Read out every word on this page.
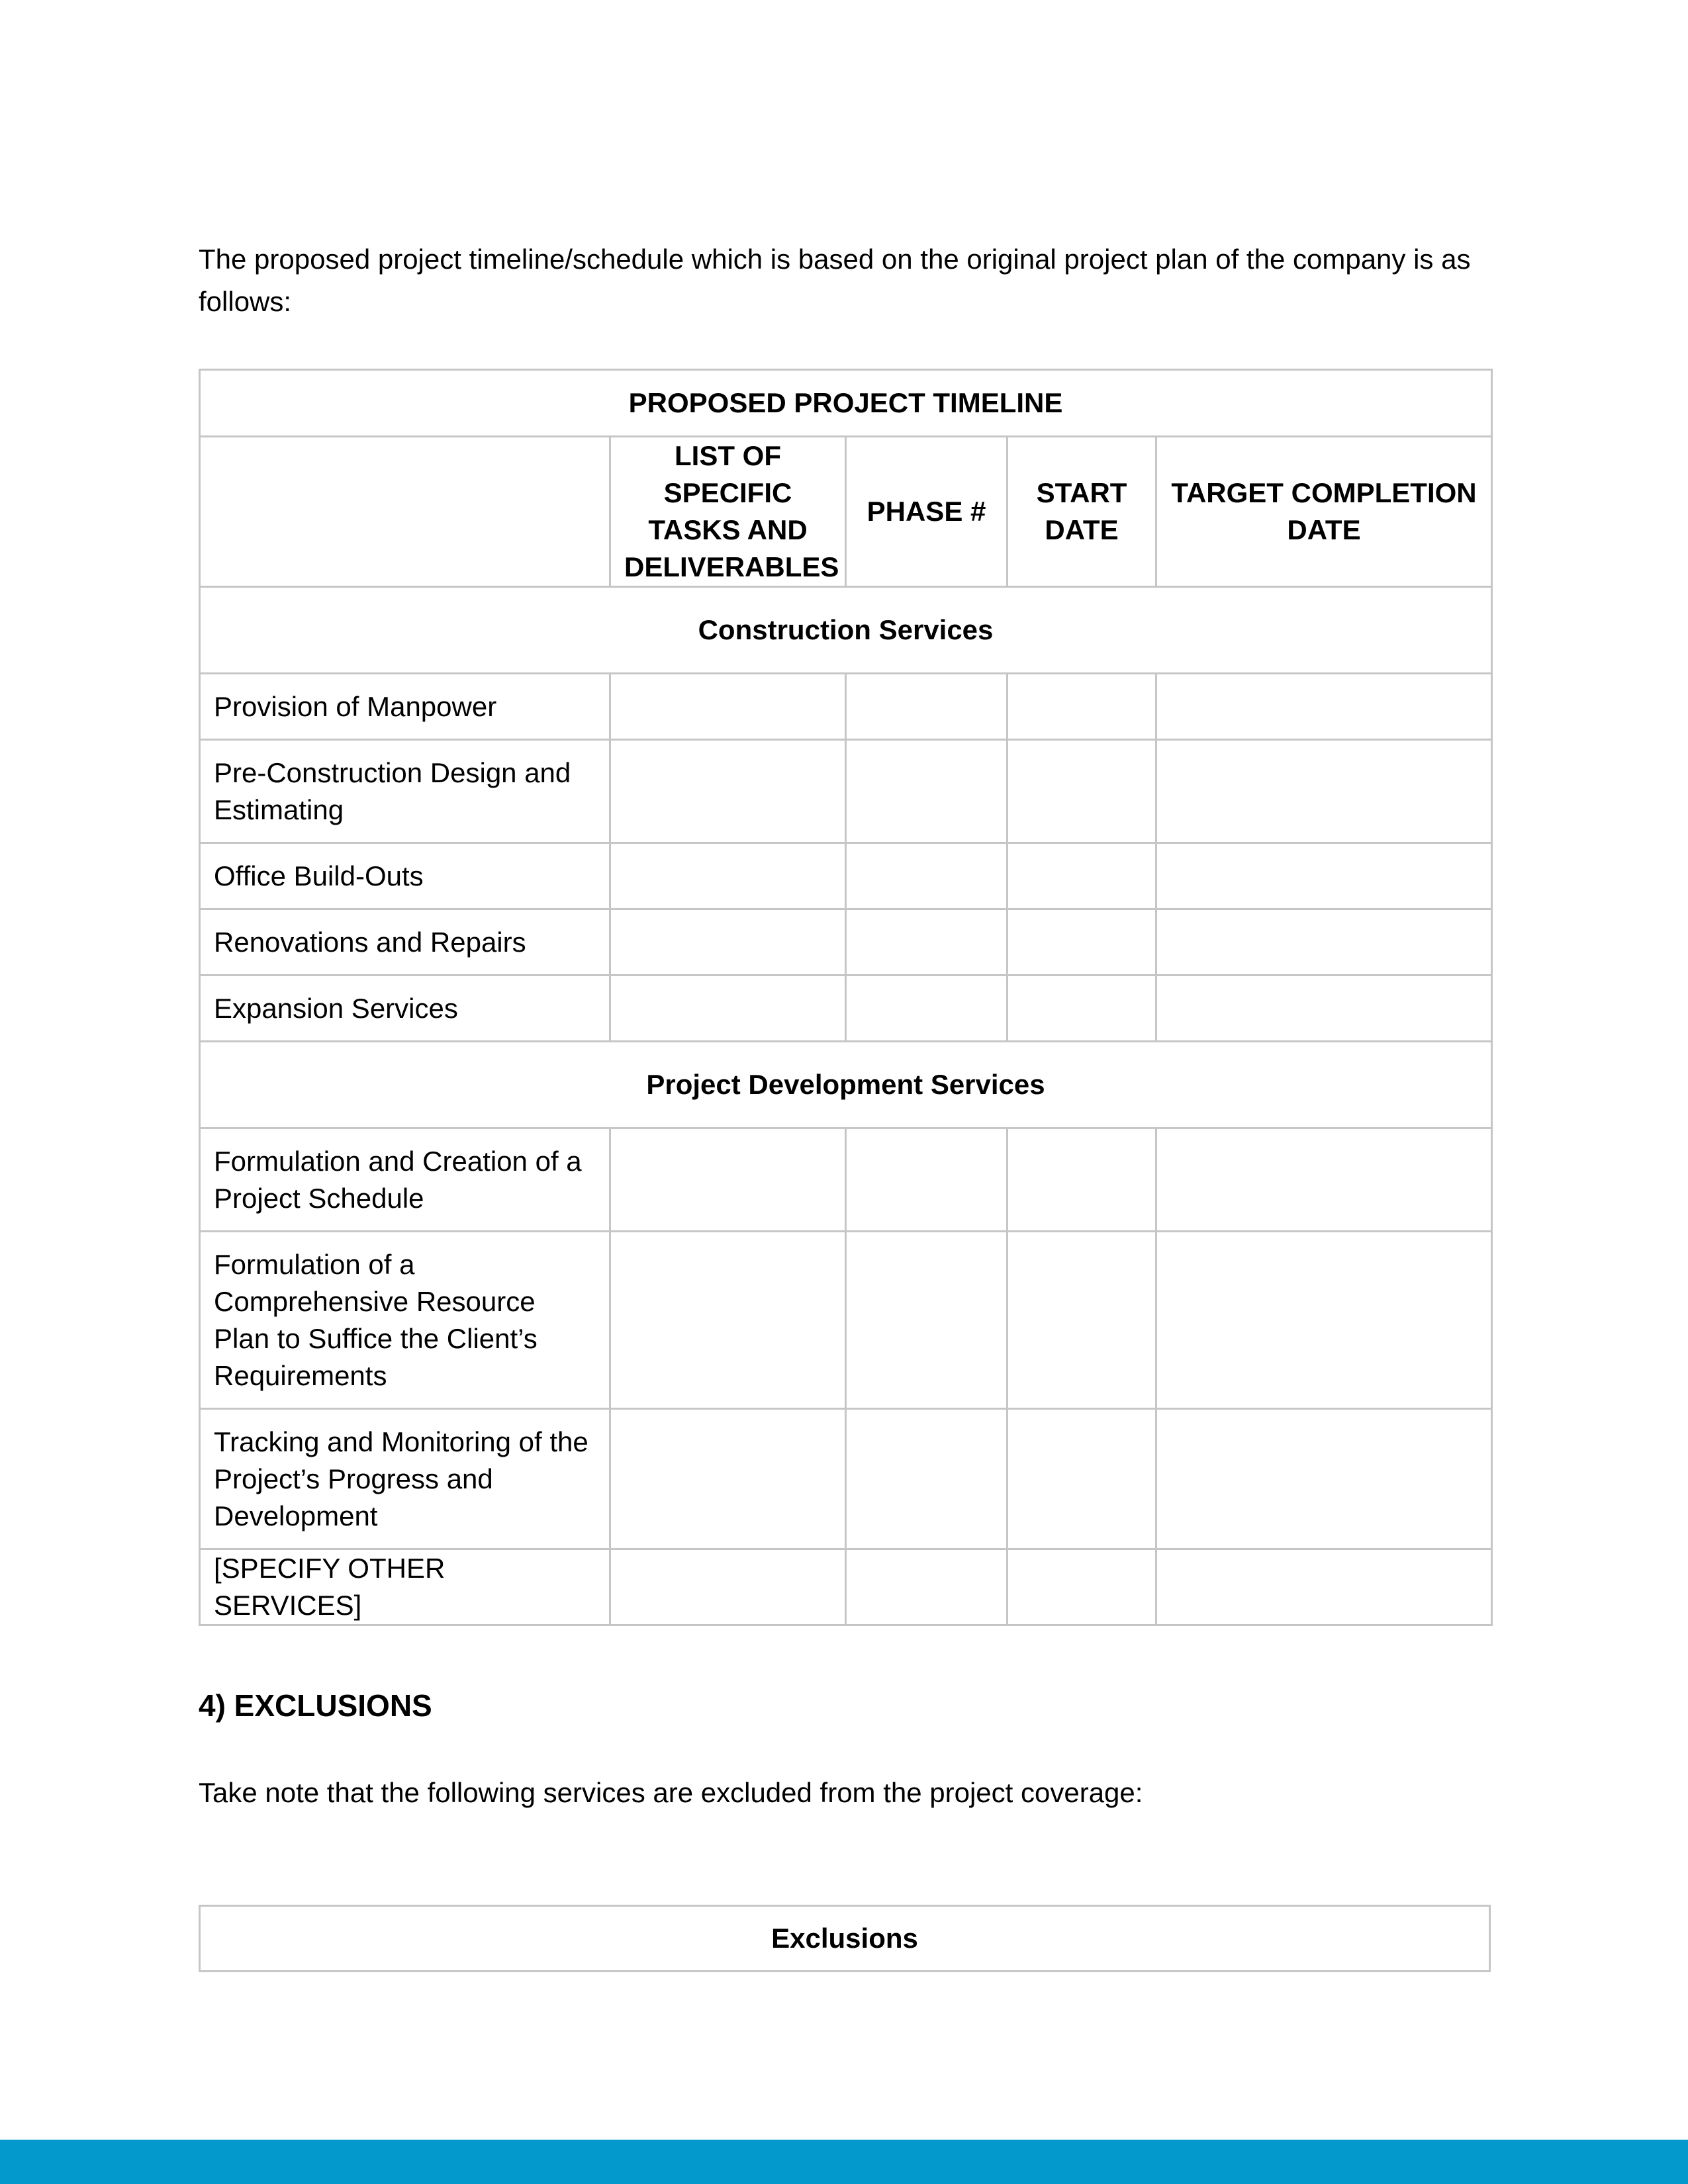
The proposed project timeline/schedule which is based on the original project plan of the company is as follows:

PROPOSED PROJECT TIMELINE				
	LIST OF SPECIFIC TASKS AND DELIVERABLES	PHASE #	START DATE	TARGET COMPLETION DATE
Construction Services				
Provision of Manpower				
Pre-Construction Design and Estimating				
Office Build-Outs				
Renovations and Repairs				
Expansion Services				
Project Development Services				
Formulation and Creation of a Project Schedule				
Formulation of a Comprehensive Resource Plan to Suffice the Client’s Requirements				
Tracking and Monitoring of the Project’s Progress and Development				
[SPECIFY OTHER SERVICES]				
4) EXCLUSIONS

Take note that the following services are excluded from the project coverage:

Exclusions
